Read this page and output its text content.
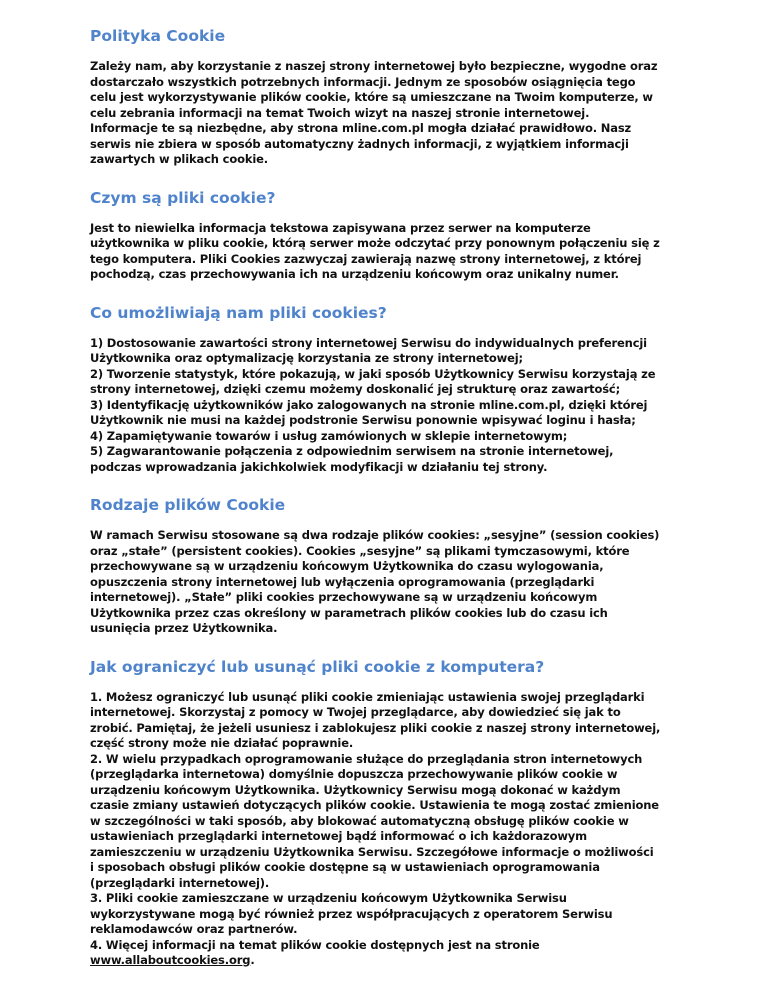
Polityka Cookie

Zależy nam, aby korzystanie z naszej strony internetowej było bezpieczne, wygodne oraz
dostarczało wszystkich potrzebnych informacji. Jednym ze sposobów osiągnięcia tego
celu jest wykorzystywanie plików cookie, które są umieszczane na Twoim komputerze, w
celu zebrania informacji na temat Twoich wizyt na naszej stronie internetowej.
Informacje te są niezbędne, aby strona mline.com.pl mogła działać prawidłowo. Nasz
serwis nie zbiera w sposób automatyczny żadnych informacji, z wyjątkiem informacji
zawartych w plikach cookie.

Czym są pliki cookie?

Jest to niewielka informacja tekstowa zapisywana przez serwer na komputerze
użytkownika w pliku cookie, którą serwer może odczytać przy ponownym połączeniu się z
tego komputera. Pliki Cookies zazwyczaj zawierają nazwę strony internetowej, z której
pochodzą, czas przechowywania ich na urządzeniu końcowym oraz unikalny numer.

Co umożliwiają nam pliki cookies?

1) Dostosowanie zawartości strony internetowej Serwisu do indywidualnych preferencji
Użytkownika oraz optymalizację korzystania ze strony internetowej;
2) Tworzenie statystyk, które pokazują, w jaki sposób Użytkownicy Serwisu korzystają ze
strony internetowej, dzięki czemu możemy doskonalić jej strukturę oraz zawartość;
3) Identyfikację użytkowników jako zalogowanych na stronie mline.com.pl, dzięki której
Użytkownik nie musi na każdej podstronie Serwisu ponownie wpisywać loginu i hasła;
4) Zapamiętywanie towarów i usług zamówionych w sklepie internetowym;
5) Zagwarantowanie połączenia z odpowiednim serwisem na stronie internetowej,
podczas wprowadzania jakichkolwiek modyfikacji w działaniu tej strony.

Rodzaje plików Cookie

W ramach Serwisu stosowane są dwa rodzaje plików cookies: „sesyjne” (session cookies)
oraz „stałe” (persistent cookies). Cookies „sesyjne” są plikami tymczasowymi, które
przechowywane są w urządzeniu końcowym Użytkownika do czasu wylogowania,
opuszczenia strony internetowej lub wyłączenia oprogramowania (przeglądarki
internetowej). „Stałe” pliki cookies przechowywane są w urządzeniu końcowym
Użytkownika przez czas określony w parametrach plików cookies lub do czasu ich
usunięcia przez Użytkownika.

Jak ograniczyć lub usunąć pliki cookie z komputera?

1. Możesz ograniczyć lub usunąć pliki cookie zmieniając ustawienia swojej przeglądarki
internetowej. Skorzystaj z pomocy w Twojej przeglądarce, aby dowiedzieć się jak to
zrobić. Pamiętaj, że jeżeli usuniesz i zablokujesz pliki cookie z naszej strony internetowej,
część strony może nie działać poprawnie.
2. W wielu przypadkach oprogramowanie służące do przeglądania stron internetowych
(przeglądarka internetowa) domyślnie dopuszcza przechowywanie plików cookie w
urządzeniu końcowym Użytkownika. Użytkownicy Serwisu mogą dokonać w każdym
czasie zmiany ustawień dotyczących plików cookie. Ustawienia te mogą zostać zmienione
w szczególności w taki sposób, aby blokować automatyczną obsługę plików cookie w
ustawieniach przeglądarki internetowej bądź informować o ich każdorazowym
zamieszczeniu w urządzeniu Użytkownika Serwisu. Szczegółowe informacje o możliwości
i sposobach obsługi plików cookie dostępne są w ustawieniach oprogramowania
(przeglądarki internetowej).
3. Pliki cookie zamieszczane w urządzeniu końcowym Użytkownika Serwisu
wykorzystywane mogą być również przez współpracujących z operatorem Serwisu
reklamodawców oraz partnerów.
4. Więcej informacji na temat plików cookie dostępnych jest na stronie
www.allaboutcookies.org.
